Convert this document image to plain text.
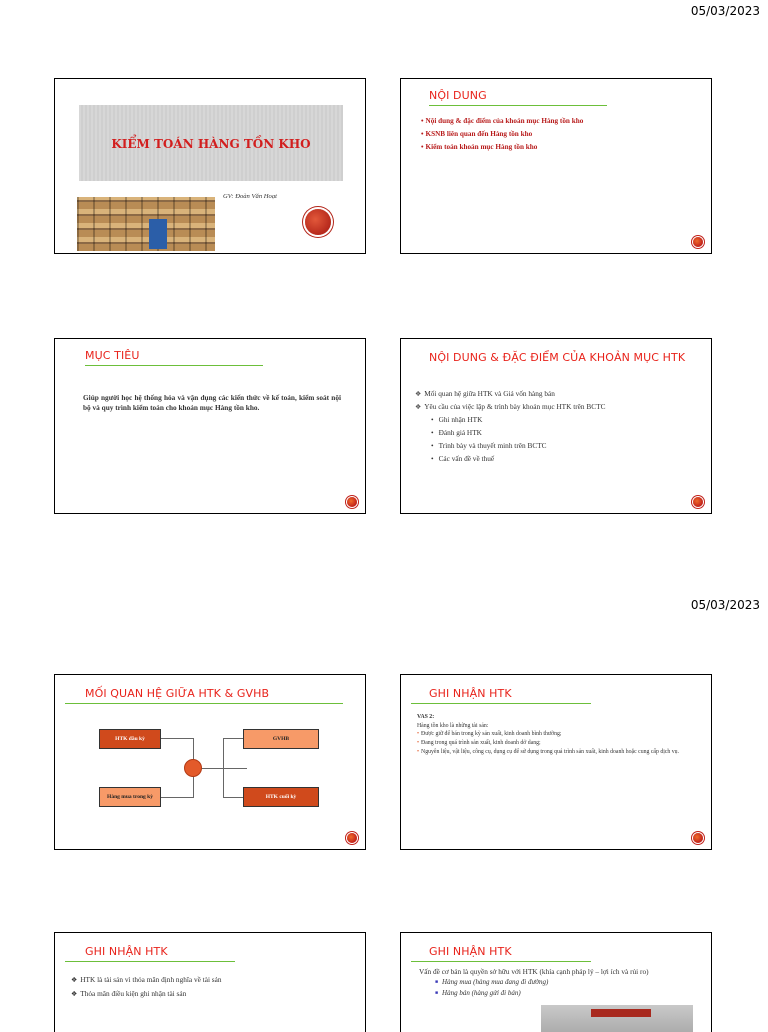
05/03/2023
KIỂM TOÁN HÀNG TỒN KHO
GV: Đoàn Văn Hoạt
NỘI DUNG
• Nội dung & đặc điểm của khoản mục Hàng tồn kho
• KSNB liên quan đến Hàng tồn kho
• Kiểm toán khoản mục Hàng tồn kho
MỤC TIÊU
Giúp người học hệ thống hóa và vận dụng các kiến thức về kế toán, kiểm soát nội bộ và quy trình kiểm toán cho khoản mục Hàng tồn kho.
NỘI DUNG & ĐẶC ĐIỂM CỦA KHOẢN MỤC HTK
❖ Mối quan hệ giữa HTK và Giá vốn hàng bán
❖ Yêu cầu của việc lập & trình bày khoản mục HTK trên BCTC
• Ghi nhận HTK
• Đánh giá HTK
• Trình bày và thuyết minh trên BCTC
• Các vấn đề về thuế
05/03/2023
MỐI QUAN HỆ GIỮA HTK & GVHB
HTK đầu kỳ
Hàng mua trong kỳ
GVHB
HTK cuối kỳ
GHI NHẬN HTK
VAS 2:
Hàng tồn kho là những tài sản:
• Được giữ để bán trong kỳ sản xuất, kinh doanh bình thường;
• Đang trong quá trình sản xuất, kinh doanh dở dang;
• Nguyên liệu, vật liệu, công cụ, dụng cụ để sử dụng trong quá trình sản xuất, kinh doanh hoặc cung cấp dịch vụ.
GHI NHẬN HTK
❖ HTK là tài sản vì thỏa mãn định nghĩa về tài sản
❖ Thỏa mãn điều kiện ghi nhận tài sản
GHI NHẬN HTK
Vấn đề cơ bản là quyền sở hữu với HTK (khía cạnh pháp lý – lợi ích và rủi ro)
■ Hàng mua (hàng mua đang đi đường)
■ Hàng bán (hàng gửi đi bán)
